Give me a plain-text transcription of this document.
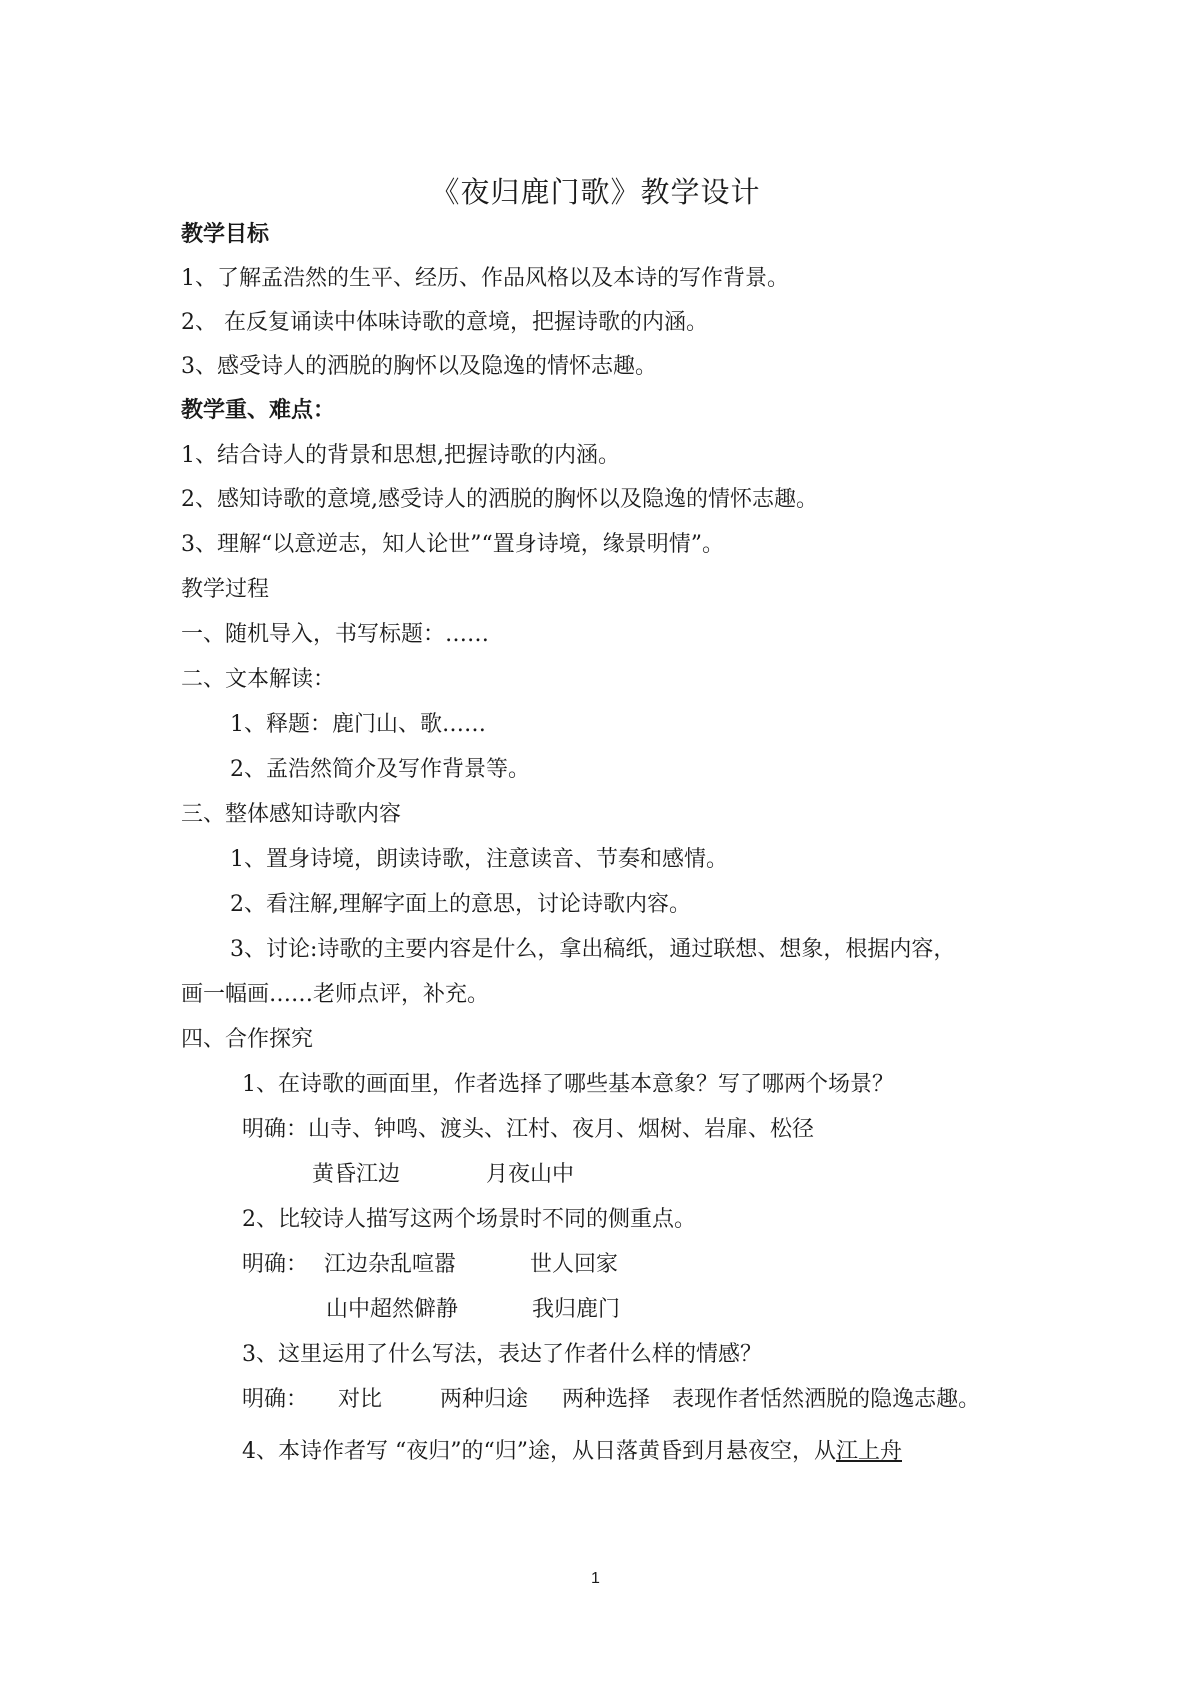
《夜归鹿门歌》教学设计
教学目标
1、了解孟浩然的生平、经历、作品风格以及本诗的写作背景。
2、 在反复诵读中体味诗歌的意境，把握诗歌的内涵。
3、感受诗人的洒脱的胸怀以及隐逸的情怀志趣。
教学重、难点：
1、结合诗人的背景和思想,把握诗歌的内涵。
2、感知诗歌的意境,感受诗人的洒脱的胸怀以及隐逸的情怀志趣。
3、理解“以意逆志，知人论世”“置身诗境，缘景明情”。
教学过程
一、随机导入，书写标题：……
二、文本解读：
1、释题：鹿门山、歌……
2、孟浩然简介及写作背景等。
三、整体感知诗歌内容
1、置身诗境，朗读诗歌，注意读音、节奏和感情。
2、看注解,理解字面上的意思，讨论诗歌内容。
3、讨论:诗歌的主要内容是什么，拿出稿纸，通过联想、想象，根据内容，
画一幅画……老师点评，补充。
四、合作探究
1、在诗歌的画面里，作者选择了哪些基本意象？写了哪两个场景？
明确：山寺、钟鸣、渡头、江村、夜月、烟树、岩扉、松径
黄昏江边	月夜山中
2、比较诗人描写这两个场景时不同的侧重点。
明确： 江边杂乱喧嚣	世人回家
山中超然僻静	我归鹿门
3、这里运用了什么写法，表达了作者什么样的情感？
明确： 对比	两种归途 两种选择 表现作者恬然洒脱的隐逸志趣。
4、本诗作者写 “夜归”的“归”途，从日落黄昏到月悬夜空，从江上舟
1
